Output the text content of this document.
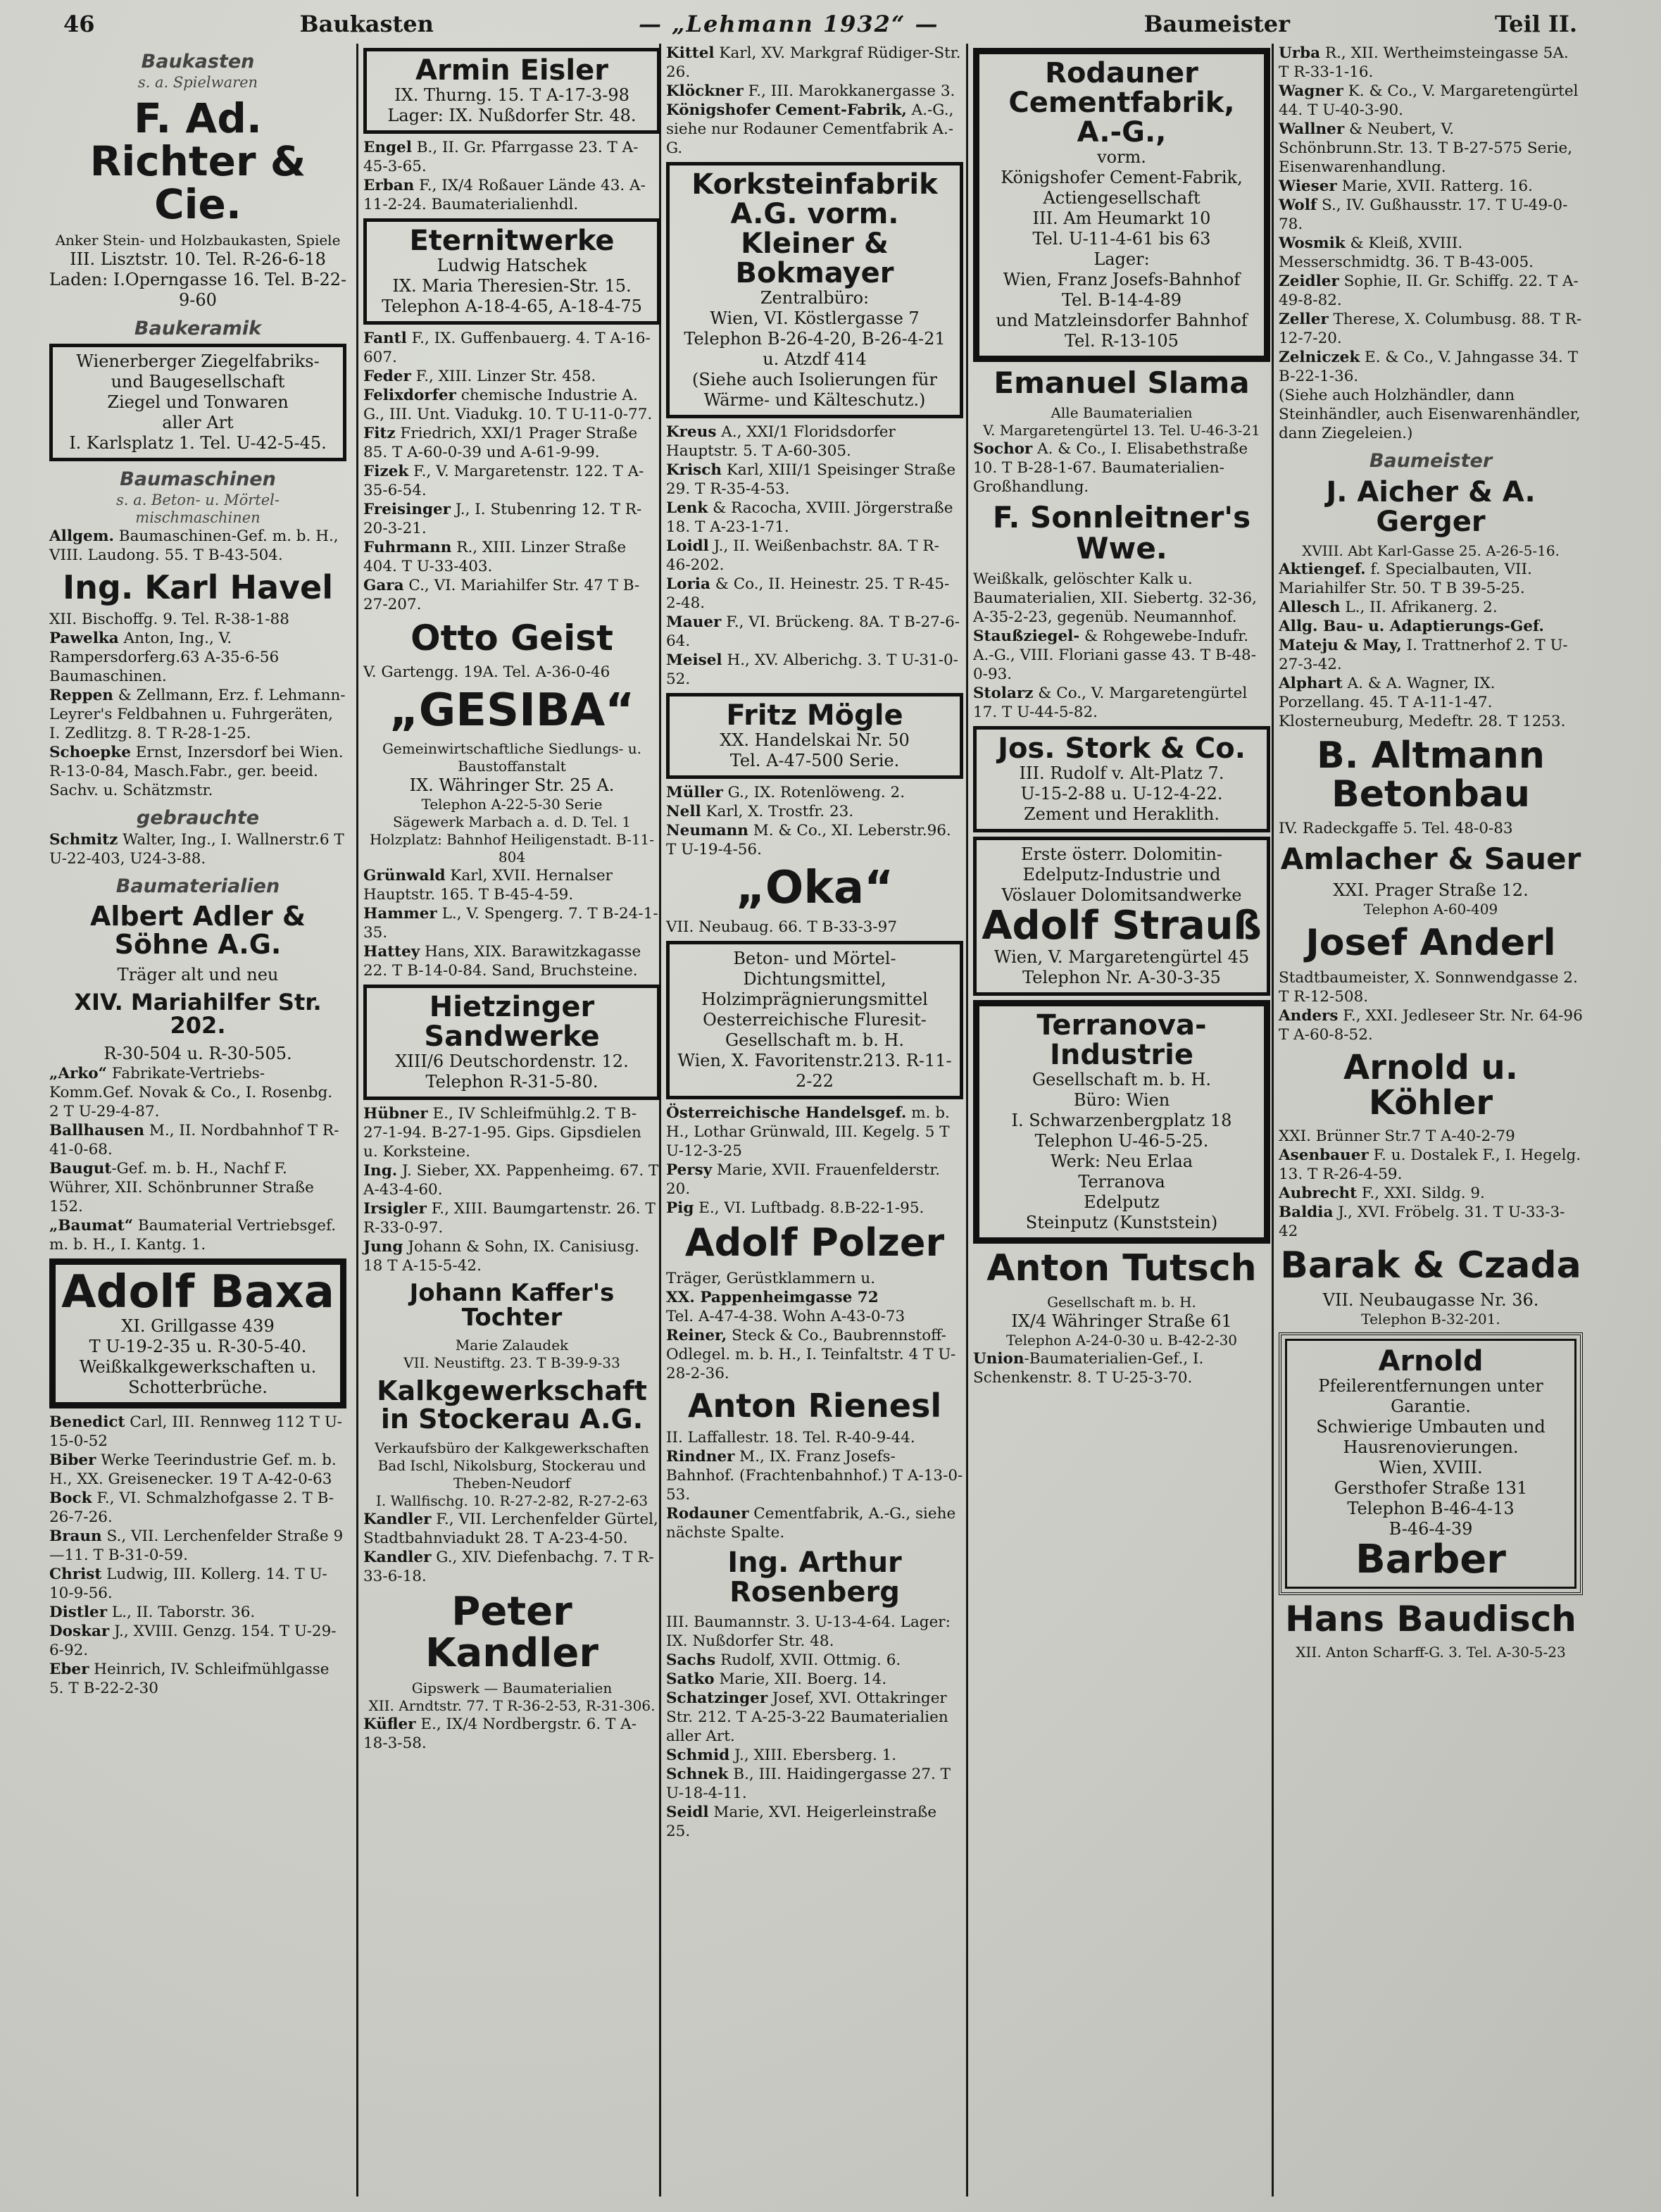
46	Baukasten	— „Lehmann 1932“ —	Baumeister	Teil II.
Baukasten
s. a. Spielwaren
F. Ad. Richter & Cie.
Anker Stein- und Holzbaukasten, Spiele
III. Lisztstr. 10. Tel. R-26-6-18
Laden: I.Operngasse 16. Tel. B-22-9-60
Baukeramik
Wienerberger Ziegelfabriks-
und Baugesellschaft
Ziegel und Tonwaren
aller Art
I. Karlsplatz 1. Tel. U-42-5-45.
Baumaschinen
s. a. Beton- u. Mörtel-
mischmaschinen
Allgem. Baumaschinen-Gef. m. b. H., VIII. Laudong. 55. T B-43-504.
Ing. Karl Havel
XII. Bischoffg. 9. Tel. R-38-1-88
Pawelka Anton, Ing., V. Rampersdorferg.63 A-35-6-56 Baumaschinen.
Reppen & Zellmann, Erz. f. Lehmann-Leyrer's Feldbahnen u. Fuhrgeräten, I. Zedlitzg. 8. T R-28-1-25.
Schoepke Ernst, Inzersdorf bei Wien. R-13-0-84, Masch.Fabr., ger. beeid. Sachv. u. Schätzmstr.
gebrauchte
Schmitz Walter, Ing., I. Wallnerstr.6 T U-22-403, U24-3-88.
Baumaterialien
Albert Adler & Söhne A.G.
Träger alt und neu
XIV. Mariahilfer Str. 202.
R-30-504 u. R-30-505.
„Arko“ Fabrikate-Vertriebs-Komm.Gef. Novak & Co., I. Rosenbg. 2 T U-29-4-87.
Ballhausen M., II. Nordbahnhof T R-41-0-68.
Baugut-Gef. m. b. H., Nachf F. Wührer, XII. Schönbrunner Straße 152.
„Baumat“ Baumaterial Vertriebsgef. m. b. H., I. Kantg. 1.
Adolf Baxa
XI. Grillgasse 439
T U-19-2-35 u. R-30-5-40.
Weißkalkgewerkschaften u. Schotterbrüche.
Benedict Carl, III. Rennweg 112 T U-15-0-52
Biber Werke Teerindustrie Gef. m. b. H., XX. Greisenecker. 19 T A-42-0-63
Bock F., VI. Schmalzhofgasse 2. T B-26-7-26.
Braun S., VII. Lerchenfelder Straße 9—11. T B-31-0-59.
Christ Ludwig, III. Kollerg. 14. T U-10-9-56.
Distler L., II. Taborstr. 36.
Doskar J., XVIII. Genzg. 154. T U-29-6-92.
Eber Heinrich, IV. Schleifmühlgasse 5. T B-22-2-30
Armin Eisler
IX. Thurng. 15. T A-17-3-98
Lager: IX. Nußdorfer Str. 48.
Engel B., II. Gr. Pfarrgasse 23. T A-45-3-65.
Erban F., IX/4 Roßauer Lände 43. A-11-2-24. Baumaterialienhdl.
Eternitwerke
Ludwig Hatschek
IX. Maria Theresien-Str. 15.
Telephon A-18-4-65, A-18-4-75
Fantl F., IX. Guffenbauerg. 4. T A-16-607.
Feder F., XIII. Linzer Str. 458.
Felixdorfer chemische Industrie A. G., III. Unt. Viadukg. 10. T U-11-0-77.
Fitz Friedrich, XXI/1 Prager Straße 85. T A-60-0-39 und A-61-9-99.
Fizek F., V. Margaretenstr. 122. T A-35-6-54.
Freisinger J., I. Stubenring 12. T R-20-3-21.
Fuhrmann R., XIII. Linzer Straße 404. T U-33-403.
Gara C., VI. Mariahilfer Str. 47 T B-27-207.
Otto Geist
V. Gartengg. 19A. Tel. A-36-0-46
„GESIBA“
Gemeinwirtschaftliche Siedlungs- u. Baustoffanstalt
IX. Währinger Str. 25 A.
Telephon A-22-5-30 Serie
Sägewerk Marbach a. d. D. Tel. 1
Holzplatz: Bahnhof Heiligenstadt. B-11-804
Grünwald Karl, XVII. Hernalser Hauptstr. 165. T B-45-4-59.
Hammer L., V. Spengerg. 7. T B-24-1-35.
Hattey Hans, XIX. Barawitzkagasse 22. T B-14-0-84. Sand, Bruchsteine.
Hietzinger Sandwerke
XIII/6 Deutschordenstr. 12.
Telephon R-31-5-80.
Hübner E., IV Schleifmühlg.2. T B-27-1-94. B-27-1-95. Gips. Gipsdielen u. Korksteine.
Ing. J. Sieber, XX. Pappenheimg. 67. T A-43-4-60.
Irsigler F., XIII. Baumgartenstr. 26. T R-33-0-97.
Jung Johann & Sohn, IX. Canisiusg. 18 T A-15-5-42.
Johann Kaffer's Tochter
Marie Zalaudek
VII. Neustiftg. 23. T B-39-9-33
Kalkgewerkschaft in Stockerau A.G.
Verkaufsbüro der Kalkgewerkschaften Bad Ischl, Nikolsburg, Stockerau und Theben-Neudorf
I. Wallfischg. 10. R-27-2-82, R-27-2-63
Kandler F., VII. Lerchenfelder Gürtel, Stadtbahnviadukt 28. T A-23-4-50.
Kandler G., XIV. Diefenbachg. 7. T R-33-6-18.
Peter Kandler
Gipswerk — Baumaterialien
XII. Arndtstr. 77. T R-36-2-53, R-31-306.
Küfler E., IX/4 Nordbergstr. 6. T A-18-3-58.
Kittel Karl, XV. Markgraf Rüdiger-Str. 26.
Klöckner F., III. Marokkanergasse 3.
Königshofer Cement-Fabrik, A.-G., siehe nur Rodauner Cementfabrik A.-G.
Korksteinfabrik A.G. vorm. Kleiner & Bokmayer
Zentralbüro:
Wien, VI. Köstlergasse 7
Telephon B-26-4-20, B-26-4-21 u. Atzdf 414
(Siehe auch Isolierungen für Wärme- und Kälteschutz.)
Kreus A., XXI/1 Floridsdorfer Hauptstr. 5. T A-60-305.
Krisch Karl, XIII/1 Speisinger Straße 29. T R-35-4-53.
Lenk & Racocha, XVIII. Jörgerstraße 18. T A-23-1-71.
Loidl J., II. Weißenbachstr. 8A. T R-46-202.
Loria & Co., II. Heinestr. 25. T R-45-2-48.
Mauer F., VI. Brückeng. 8A. T B-27-6-64.
Meisel H., XV. Alberichg. 3. T U-31-0-52.
Fritz Mögle
XX. Handelskai Nr. 50
Tel. A-47-500 Serie.
Müller G., IX. Rotenlöweng. 2.
Nell Karl, X. Trostfr. 23.
Neumann M. & Co., XI. Leberstr.96. T U-19-4-56.
„Oka“
VII. Neubaug. 66. T B-33-3-97
Beton- und Mörtel-Dichtungsmittel,
Holzimprägnierungsmittel
Oesterreichische Fluresit-
Gesellschaft m. b. H.
Wien, X. Favoritenstr.213. R-11-2-22
Österreichische Handelsgef. m. b. H., Lothar Grünwald, III. Kegelg. 5 T U-12-3-25
Persy Marie, XVII. Frauenfelderstr. 20.
Pig E., VI. Luftbadg. 8.B-22-1-95.
Adolf Polzer
Träger, Gerüstklammern u.
XX. Pappenheimgasse 72
Tel. A-47-4-38. Wohn A-43-0-73
Reiner, Steck & Co., Baubrennstoff-Odlegel. m. b. H., I. Teinfaltstr. 4 T U-28-2-36.
Anton Rienesl
II. Laffallestr. 18. Tel. R-40-9-44.
Rindner M., IX. Franz Josefs-Bahnhof. (Frachtenbahnhof.) T A-13-0-53.
Rodauner Cementfabrik, A.-G., siehe nächste Spalte.
Ing. Arthur Rosenberg
III. Baumannstr. 3. U-13-4-64. Lager: IX. Nußdorfer Str. 48.
Sachs Rudolf, XVII. Ottmig. 6.
Satko Marie, XII. Boerg. 14.
Schatzinger Josef, XVI. Ottakringer Str. 212. T A-25-3-22 Baumaterialien aller Art.
Schmid J., XIII. Ebersberg. 1.
Schnek B., III. Haidingergasse 27. T U-18-4-11.
Seidl Marie, XVI. Heigerleinstraße 25.
Rodauner Cementfabrik, A.-G.,
vorm.
Königshofer Cement-Fabrik, Actiengesellschaft
III. Am Heumarkt 10
Tel. U-11-4-61 bis 63
Lager:
Wien, Franz Josefs-Bahnhof
Tel. B-14-4-89
und Matzleinsdorfer Bahnhof
Tel. R-13-105
Emanuel Slama
Alle Baumaterialien
V. Margaretengürtel 13. Tel. U-46-3-21
Sochor A. & Co., I. Elisabethstraße 10. T B-28-1-67. Baumaterialien-Großhandlung.
F. Sonnleitner's Wwe.
Weißkalk, gelöschter Kalk u. Baumaterialien, XII. Siebertg. 32-36, A-35-2-23, gegenüb. Neumannhof.
Staußziegel- & Rohgewebe-Indufr. A.-G., VIII. Floriani gasse 43. T B-48-0-93.
Stolarz & Co., V. Margaretengürtel 17. T U-44-5-82.
Jos. Stork & Co.
III. Rudolf v. Alt-Platz 7.
U-15-2-88 u. U-12-4-22.
Zement und Heraklith.
Erste österr. Dolomitin-
Edelputz-Industrie und
Vöslauer Dolomitsandwerke
Adolf Strauß
Wien, V. Margaretengürtel 45
Telephon Nr. A-30-3-35
Terranova-Industrie
Gesellschaft m. b. H.
Büro: Wien
I. Schwarzenbergplatz 18
Telephon U-46-5-25.
Werk: Neu Erlaa
Terranova
Edelputz
Steinputz (Kunststein)
Anton Tutsch
Gesellschaft m. b. H.
IX/4 Währinger Straße 61
Telephon A-24-0-30 u. B-42-2-30
Union-Baumaterialien-Gef., I. Schenkenstr. 8. T U-25-3-70.
Urba R., XII. Wertheimsteingasse 5A. T R-33-1-16.
Wagner K. & Co., V. Margaretengürtel 44. T U-40-3-90.
Wallner & Neubert, V. Schönbrunn.Str. 13. T B-27-575 Serie, Eisenwarenhandlung.
Wieser Marie, XVII. Ratterg. 16.
Wolf S., IV. Gußhausstr. 17. T U-49-0-78.
Wosmik & Kleiß, XVIII. Messerschmidtg. 36. T B-43-005.
Zeidler Sophie, II. Gr. Schiffg. 22. T A-49-8-82.
Zeller Therese, X. Columbusg. 88. T R-12-7-20.
Zelniczek E. & Co., V. Jahngasse 34. T B-22-1-36.
(Siehe auch Holzhändler, dann Steinhändler, auch Eisenwarenhändler, dann Ziegeleien.)
Baumeister
J. Aicher & A. Gerger
XVIII. Abt Karl-Gasse 25. A-26-5-16.
Aktiengef. f. Specialbauten, VII. Mariahilfer Str. 50. T B 39-5-25.
Allesch L., II. Afrikanerg. 2.
Allg. Bau- u. Adaptierungs-Gef. Mateju & May, I. Trattnerhof 2. T U-27-3-42.
Alphart A. & A. Wagner, IX. Porzellang. 45. T A-11-1-47. Klosterneuburg, Medeftr. 28. T 1253.
B. Altmann Betonbau
IV. Radeckgaffe 5. Tel. 48-0-83
Amlacher & Sauer
XXI. Prager Straße 12.
Telephon A-60-409
Josef Anderl
Stadtbaumeister, X. Sonnwendgasse 2. T R-12-508.
Anders F., XXI. Jedleseer Str. Nr. 64-96 T A-60-8-52.
Arnold u. Köhler
XXI. Brünner Str.7 T A-40-2-79
Asenbauer F. u. Dostalek F., I. Hegelg. 13. T R-26-4-59.
Aubrecht F., XXI. Sildg. 9.
Baldia J., XVI. Fröbelg. 31. T U-33-3-42
Barak & Czada
VII. Neubaugasse Nr. 36.
Telephon B-32-201.
Arnold
Pfeilerentfernungen unter Garantie.
Schwierige Umbauten und Hausrenovierungen.
Wien, XVIII.
Gersthofer Straße 131
Telephon B-46-4-13
B-46-4-39
Barber
Hans Baudisch
XII. Anton Scharff-G. 3. Tel. A-30-5-23
